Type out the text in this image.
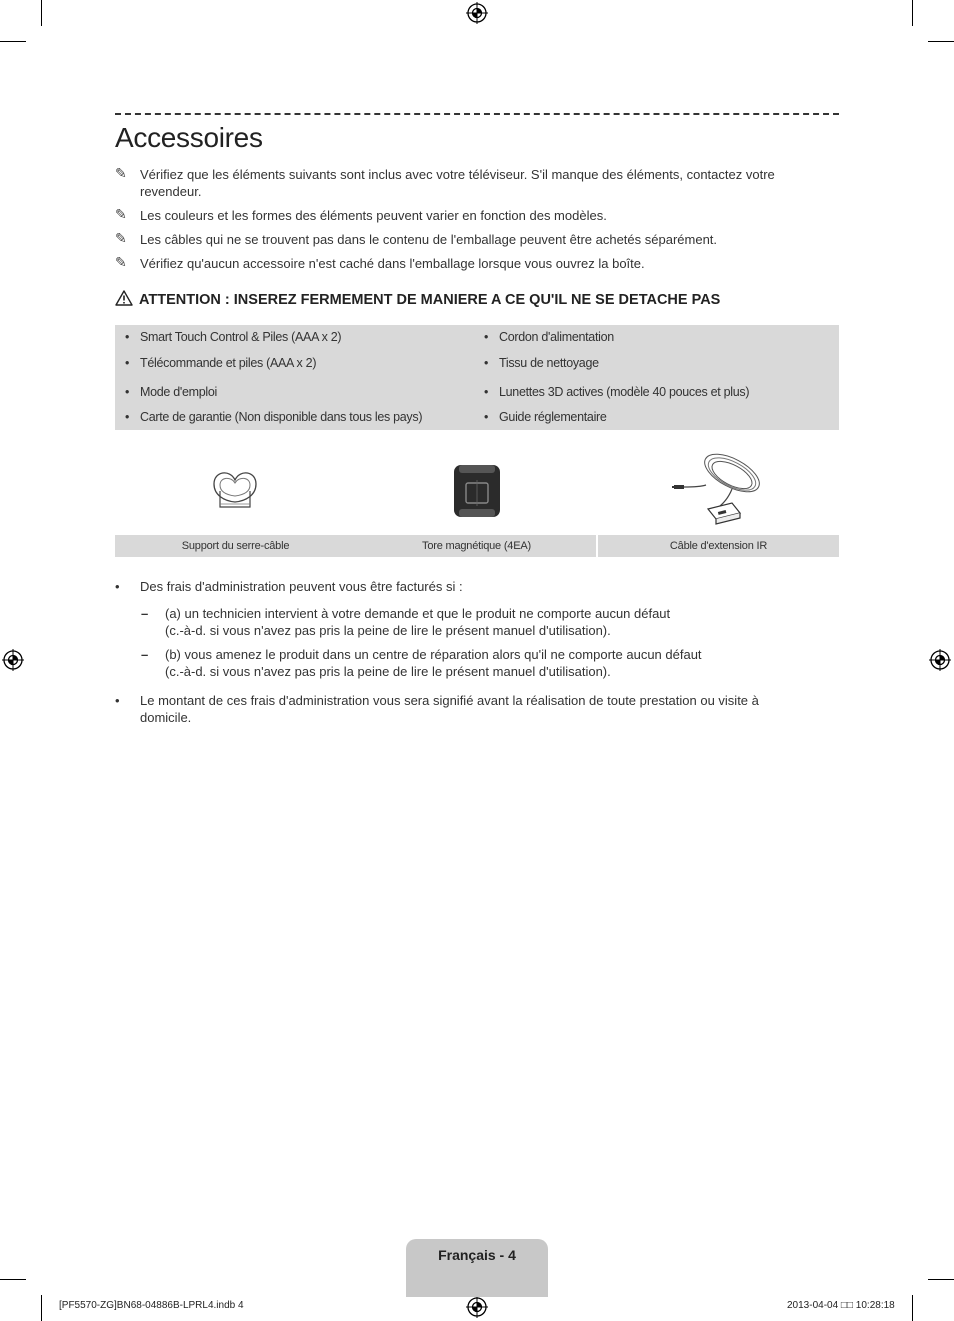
Accessoires
✎ Vérifiez que les éléments suivants sont inclus avec votre téléviseur. S'il manque des éléments, contactez votre revendeur.
✎ Les couleurs et les formes des éléments peuvent varier en fonction des modèles.
✎ Les câbles qui ne se trouvent pas dans le contenu de l'emballage peuvent être achetés séparément.
✎ Vérifiez qu'aucun accessoire n'est caché dans l'emballage lorsque vous ouvrez la boîte.
ATTENTION : INSEREZ FERMEMENT DE MANIERE A CE QU'IL NE SE DETACHE PAS
• Smart Touch Control & Piles (AAA x 2)
• Télécommande et piles (AAA x 2)
• Mode d'emploi
• Carte de garantie (Non disponible dans tous les pays)
• Cordon d'alimentation
• Tissu de nettoyage
• Lunettes 3D actives (modèle 40 pouces et plus)
• Guide réglementaire
Support du serre-câble	Tore magnétique (4EA)	Câble d'extension IR
• Des frais d'administration peuvent vous être facturés si :
– (a) un technicien intervient à votre demande et que le produit ne comporte aucun défaut
(c.-à-d. si vous n'avez pas pris la peine de lire le présent manuel d'utilisation).
– (b) vous amenez le produit dans un centre de réparation alors qu'il ne comporte aucun défaut
(c.-à-d. si vous n'avez pas pris la peine de lire le présent manuel d'utilisation).
• Le montant de ces frais d'administration vous sera signifié avant la réalisation de toute prestation ou visite à domicile.
Français - 4
[PF5570-ZG]BN68-04886B-LPRL4.indb 4	2013-04-04 □□ 10:28:18
